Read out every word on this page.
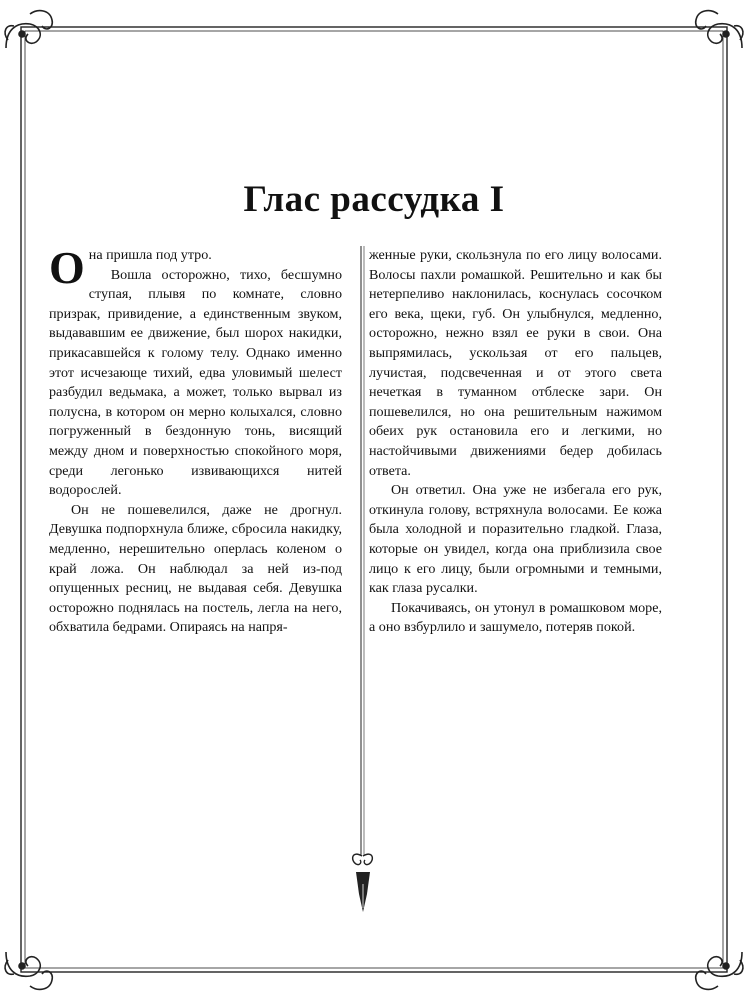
Глас рассудка I

Она пришла под утро.

Вошла осторожно, тихо, бесшумно ступая, плывя по комнате, словно призрак, привидение, а единственным звуком, выдававшим ее движение, был шорох накидки, прикасавшейся к голому телу. Однако именно этот исчезающе тихий, едва уловимый шелест разбудил ведьмака, а может, только вырвал из полусна, в котором он мерно колыхался, словно погруженный в бездонную тонь, висящий между дном и поверхностью спокойного моря, среди легонько извивающихся нитей водорослей.

Он не пошевелился, даже не дрогнул. Девушка подпорхнула ближе, сбросила накидку, медленно, нерешительно оперлась коленом о край ложа. Он наблюдал за ней из-под опущенных ресниц, не выдавая себя. Девушка осторожно поднялась на постель, легла на него, обхватила бедрами. Опираясь на напря-

женные руки, скользнула по его лицу волосами. Волосы пахли ромашкой. Решительно и как бы нетерпеливо наклонилась, коснулась сосочком его века, щеки, губ. Он улыбнулся, медленно, осторожно, нежно взял ее руки в свои. Она выпрямилась, ускользая от его пальцев, лучистая, подсвеченная и от этого света нечеткая в туманном отблеске зари. Он пошевелился, но она решительным нажимом обеих рук остановила его и легкими, но настойчивыми движениями бедер добилась ответа.

Он ответил. Она уже не избегала его рук, откинула голову, встряхнула волосами. Ее кожа была холодной и поразительно гладкой. Глаза, которые он увидел, когда она приблизила свое лицо к его лицу, были огромными и темными, как глаза русалки.

Покачиваясь, он утонул в ромашковом море, а оно взбурлило и зашумело, потеряв покой.
